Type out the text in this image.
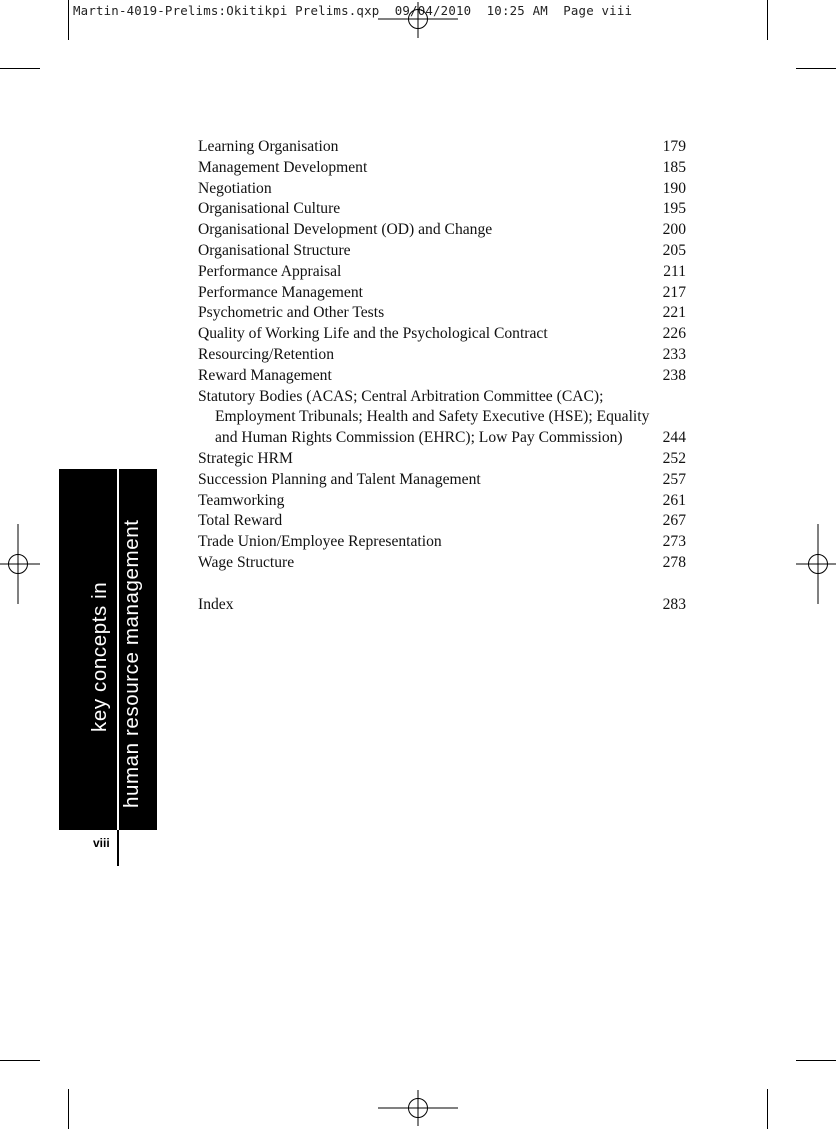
Martin-4019-Prelims:Okitikpi Prelims.qxp  09/04/2010  10:25 AM  Page viii
Learning Organisation	179
Management Development	185
Negotiation	190
Organisational Culture	195
Organisational Development (OD) and Change	200
Organisational Structure	205
Performance Appraisal	211
Performance Management	217
Psychometric and Other Tests	221
Quality of Working Life and the Psychological Contract	226
Resourcing/Retention	233
Reward Management	238
Statutory Bodies (ACAS; Central Arbitration Committee (CAC); Employment Tribunals; Health and Safety Executive (HSE); Equality and Human Rights Commission (EHRC); Low Pay Commission)	244
Strategic HRM	252
Succession Planning and Talent Management	257
Teamworking	261
Total Reward	267
Trade Union/Employee Representation	273
Wage Structure	278
Index	283
key concepts in human resource management
viii
